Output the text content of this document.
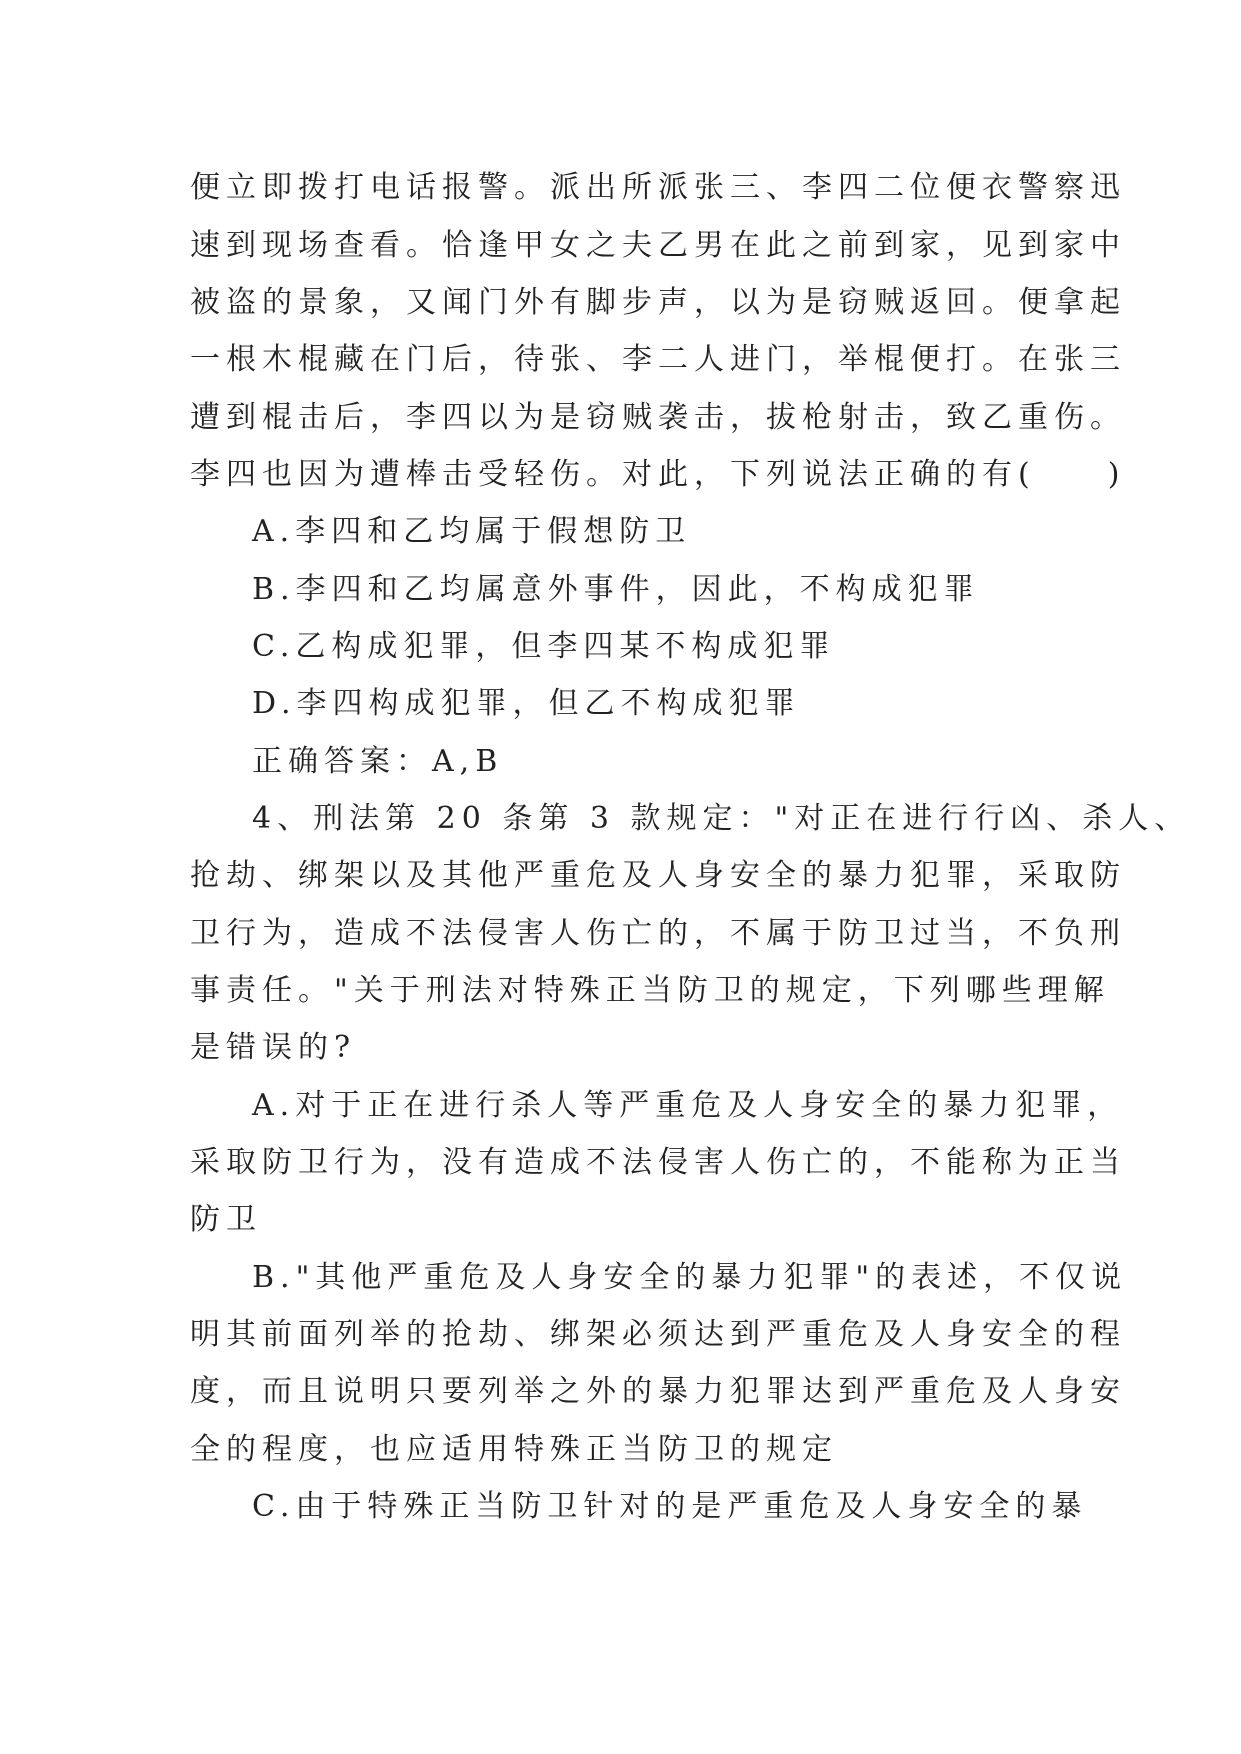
便立即拨打电话报警。派出所派张三、李四二位便衣警察迅
速到现场查看。恰逢甲女之夫乙男在此之前到家，见到家中
被盗的景象，又闻门外有脚步声，以为是窃贼返回。便拿起
一根木棍藏在门后，待张、李二人进门，举棍便打。在张三
遭到棍击后，李四以为是窃贼袭击，拔枪射击，致乙重伤。
李四也因为遭棒击受轻伤。对此，下列说法正确的有(　　)
A.李四和乙均属于假想防卫
B.李四和乙均属意外事件，因此，不构成犯罪
C.乙构成犯罪，但李四某不构成犯罪
D.李四构成犯罪，但乙不构成犯罪
正确答案：A,B
4、刑法第 20 条第 3 款规定："对正在进行行凶、杀人、
抢劫、绑架以及其他严重危及人身安全的暴力犯罪，采取防
卫行为，造成不法侵害人伤亡的，不属于防卫过当，不负刑
事责任。"关于刑法对特殊正当防卫的规定，下列哪些理解
是错误的?
A.对于正在进行杀人等严重危及人身安全的暴力犯罪，
采取防卫行为，没有造成不法侵害人伤亡的，不能称为正当
防卫
B."其他严重危及人身安全的暴力犯罪"的表述，不仅说
明其前面列举的抢劫、绑架必须达到严重危及人身安全的程
度，而且说明只要列举之外的暴力犯罪达到严重危及人身安
全的程度，也应适用特殊正当防卫的规定
C.由于特殊正当防卫针对的是严重危及人身安全的暴
